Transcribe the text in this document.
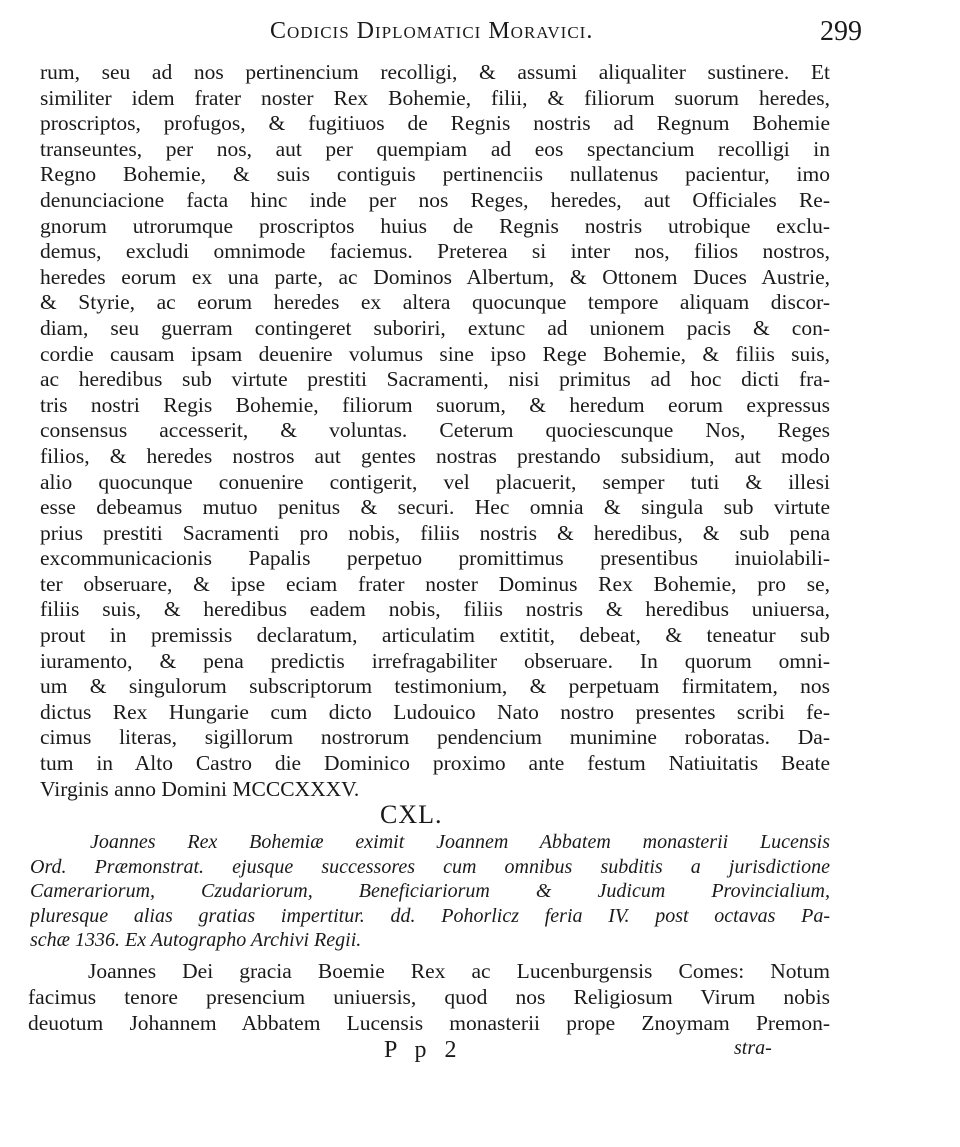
Codicis Diplomatici Moravici.	299
rum, seu ad nos pertinencium recolligi, & assumi aliqualiter sustinere. Et
similiter idem frater noster Rex Bohemie, filii, & filiorum suorum heredes,
proscriptos, profugos, & fugitiuos de Regnis nostris ad Regnum Bohemie
transeuntes, per nos, aut per quempiam ad eos spectancium recolligi in
Regno Bohemie, & suis contiguis pertinenciis nullatenus pacientur, imo
denunciacione facta hinc inde per nos Reges, heredes, aut Officiales Re-
gnorum utrorumque proscriptos huius de Regnis nostris utrobique exclu-
demus, excludi omnimode faciemus. Preterea si inter nos, filios nostros,
heredes eorum ex una parte, ac Dominos Albertum, & Ottonem Duces Austrie,
& Styrie, ac eorum heredes ex altera quocunque tempore aliquam discor-
diam, seu guerram contingeret suboriri, extunc ad unionem pacis & con-
cordie causam ipsam deuenire volumus sine ipso Rege Bohemie, & filiis suis,
ac heredibus sub virtute prestiti Sacramenti, nisi primitus ad hoc dicti fra-
tris nostri Regis Bohemie, filiorum suorum, & heredum eorum expressus
consensus accesserit, & voluntas. Ceterum quociescunque Nos, Reges
filios, & heredes nostros aut gentes nostras prestando subsidium, aut modo
alio quocunque conuenire contigerit, vel placuerit, semper tuti & illesi
esse debeamus mutuo penitus & securi. Hec omnia & singula sub virtute
prius prestiti Sacramenti pro nobis, filiis nostris & heredibus, & sub pena
excommunicacionis Papalis perpetuo promittimus presentibus inuiolabili-
ter obseruare, & ipse eciam frater noster Dominus Rex Bohemie, pro se,
filiis suis, & heredibus eadem nobis, filiis nostris & heredibus uniuersa,
prout in premissis declaratum, articulatim extitit, debeat, & teneatur sub
iuramento, & pena predictis irrefragabiliter obseruare. In quorum omni-
um & singulorum subscriptorum testimonium, & perpetuam firmitatem, nos
dictus Rex Hungarie cum dicto Ludouico Nato nostro presentes scribi fe-
cimus literas, sigillorum nostrorum pendencium munimine roboratas. Da-
tum in Alto Castro die Dominico proximo ante festum Natiuitatis Beate
Virginis anno Domini MCCCXXXV.
CXL.
Joannes Rex Bohemiæ eximit Joannem Abbatem monasterii Lucensis
Ord. Præmonstrat. ejusque successores cum omnibus subditis a jurisdictione
Camerariorum, Czudariorum, Beneficiariorum & Judicum Provincialium,
pluresque alias gratias impertitur. dd. Pohorlicz feria IV. post octavas Pa-
schæ 1336. Ex Autographo Archivi Regii.
Joannes Dei gracia Boemie Rex ac Lucenburgensis Comes: Notum
facimus tenore presencium uniuersis, quod nos Religiosum Virum nobis
deuotum Johannem Abbatem Lucensis monasterii prope Znoymam Premon-
P p 2	stra-
